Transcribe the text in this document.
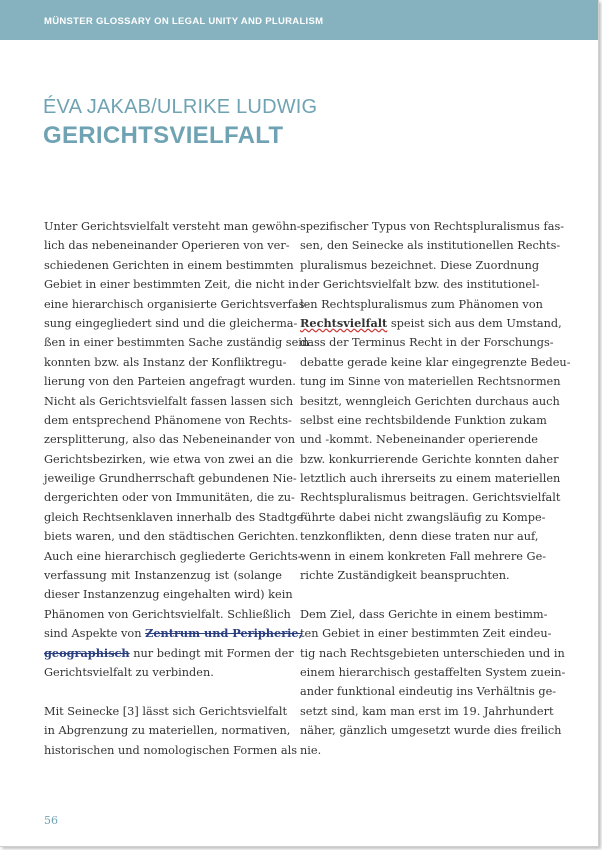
MÜNSTER GLOSSARY ON LEGAL UNITY AND PLURALISM
ÉVA JAKAB/ULRIKE LUDWIG
GERICHTSVIELFALT
Unter Gerichtsvielfalt versteht man gewöhn-
lich das nebeneinander Operieren von ver-
schiedenen Gerichten in einem bestimmten
Gebiet in einer bestimmten Zeit, die nicht in
eine hierarchisch organisierte Gerichtsverfas-
sung eingegliedert sind und die gleicherma-
ßen in einer bestimmten Sache zuständig sein
konnten bzw. als Instanz der Konfliktregu-
lierung von den Parteien angefragt wurden.
Nicht als Gerichtsvielfalt fassen lassen sich
dem entsprechend Phänomene von Rechts-
zersplitterung, also das Nebeneinander von
Gerichtsbezirken, wie etwa von zwei an die
jeweilige Grundherrschaft gebundenen Nie-
dergerichten oder von Immunitäten, die zu-
gleich Rechtsenklaven innerhalb des Stadtge-
biets waren, und den städtischen Gerichten.
Auch eine hierarchisch gegliederte Gerichts-
verfassung mit Instanzenzug ist (solange
dieser Instanzenzug eingehalten wird) kein
Phänomen von Gerichtsvielfalt. Schließlich
sind Aspekte von Zentrum und Peripherie,
geographisch nur bedingt mit Formen der
Gerichtsvielfalt zu verbinden.
Mit Seinecke [3] lässt sich Gerichtsvielfalt
in Abgrenzung zu materiellen, normativen,
historischen und nomologischen Formen als
spezifischer Typus von Rechtspluralismus fas-
sen, den Seinecke als institutionellen Rechts-
pluralismus bezeichnet. Diese Zuordnung
der Gerichtsvielfalt bzw. des institutionel-
len Rechtspluralismus zum Phänomen von
Rechtsvielfalt speist sich aus dem Umstand,
dass der Terminus Recht in der Forschungs-
debatte gerade keine klar eingegrenzte Bedeu-
tung im Sinne von materiellen Rechtsnormen
besitzt, wenngleich Gerichten durchaus auch
selbst eine rechtsbildende Funktion zukam
und -kommt. Nebeneinander operierende
bzw. konkurrierende Gerichte konnten daher
letztlich auch ihrerseits zu einem materiellen
Rechtspluralismus beitragen. Gerichtsvielfalt
führte dabei nicht zwangsläufig zu Kompe-
tenzkonflikten, denn diese traten nur auf,
wenn in einem konkreten Fall mehrere Ge-
richte Zuständigkeit beanspruchten.
Dem Ziel, dass Gerichte in einem bestimm-
ten Gebiet in einer bestimmten Zeit eindeu-
tig nach Rechtsgebieten unterschieden und in
einem hierarchisch gestaffelten System zuein-
ander funktional eindeutig ins Verhältnis ge-
setzt sind, kam man erst im 19. Jahrhundert
näher, gänzlich umgesetzt wurde dies freilich
nie.
56
